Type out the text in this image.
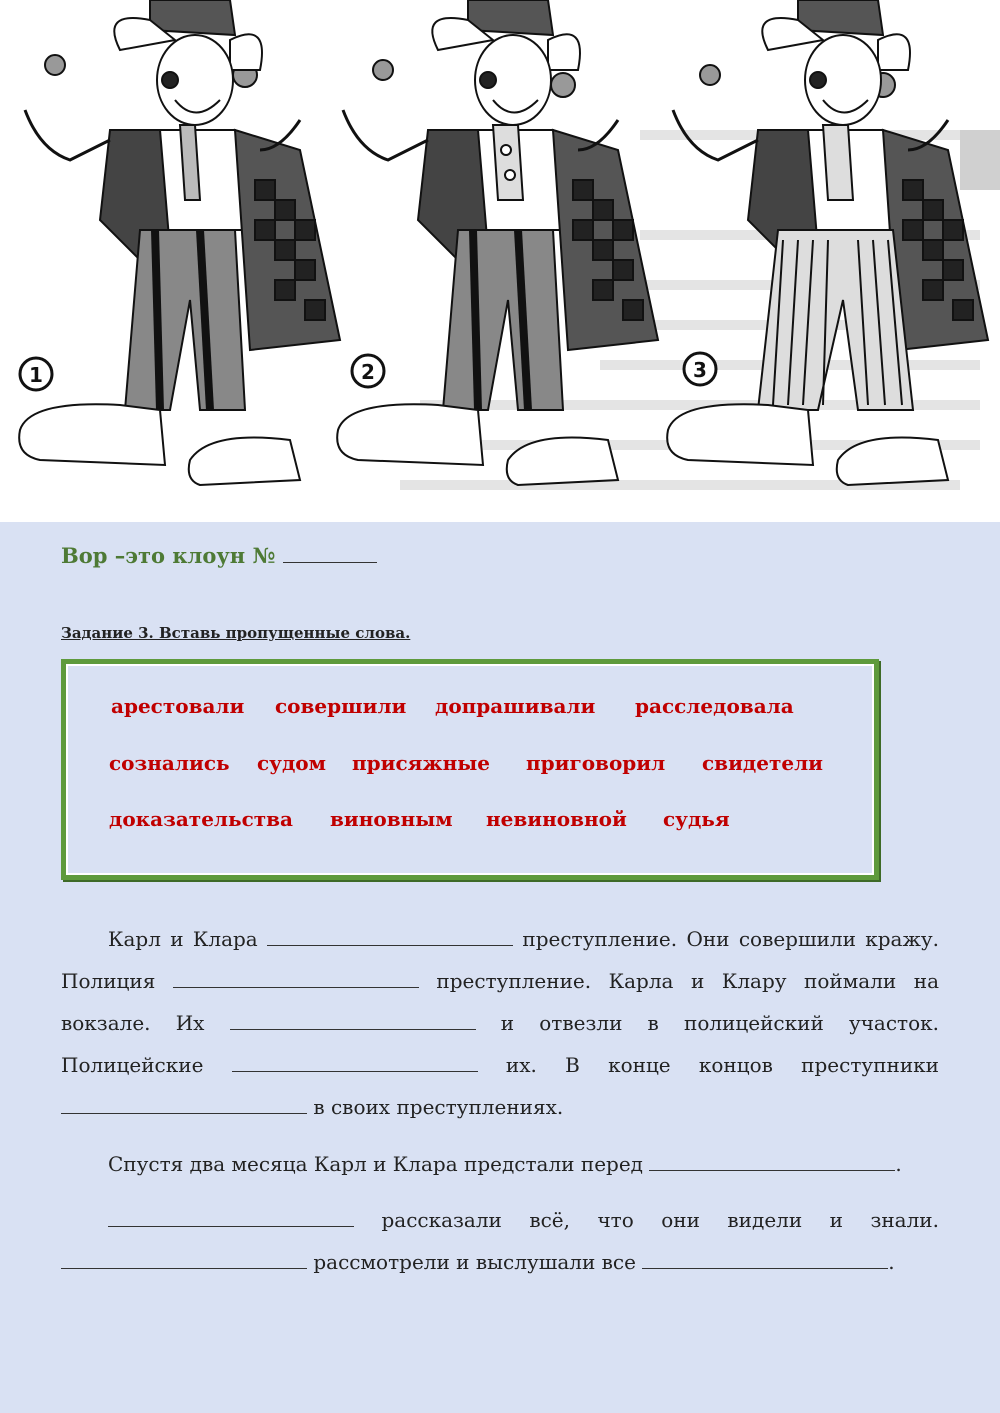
1	2	3
Вор –это клоун №
Задание 3. Вставь пропущенные слова.
арестовали совершили допрашивали расследовала
сознались судом присяжные приговорил свидетели
доказательства виновным невиновной судья
Карл и Клара	преступление. Они совершили кражу. Полиция	преступление. Карла и Клару поймали на вокзале. Их	и отвезли в полицейский участок. Полицейские	их. В конце концов преступники  в своих преступлениях.
Спустя два месяца Карл и Клара предстали перед	.
рассказали всё, что они видели и знали.  рассмотрели и выслушали все	.
